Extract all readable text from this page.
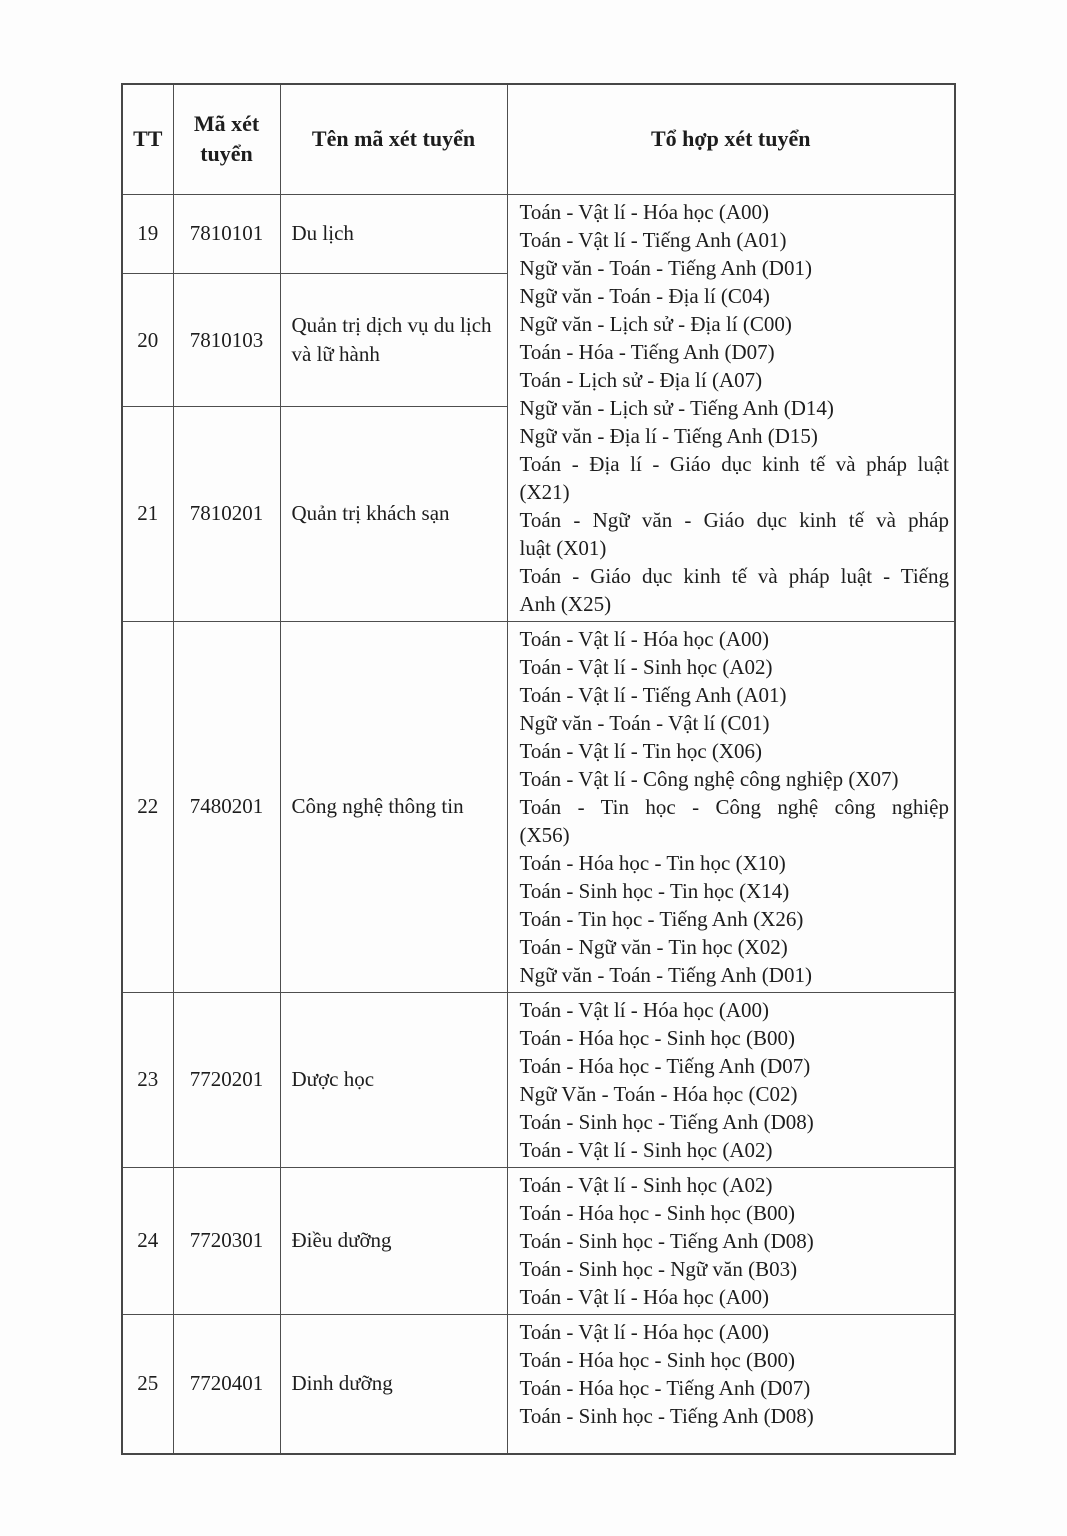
TT	Mã xét tuyển	Tên mã xét tuyển	Tổ hợp xét tuyển
19	7810101	Du lịch	
Toán - Vật lí - Hóa học (A00)
Toán - Vật lí - Tiếng Anh (A01)
Ngữ văn - Toán - Tiếng Anh (D01)
Ngữ văn - Toán - Địa lí (C04)
Ngữ văn - Lịch sử - Địa lí (C00)
Toán - Hóa - Tiếng Anh (D07)
Toán - Lịch sử - Địa lí (A07)
Ngữ văn - Lịch sử - Tiếng Anh (D14)
Ngữ văn - Địa lí - Tiếng Anh (D15)
Toán - Địa lí - Giáo dục kinh tế và pháp luật
(X21)
Toán - Ngữ văn - Giáo dục kinh tế và pháp
luật (X01)
Toán - Giáo dục kinh tế và pháp luật - Tiếng
Anh (X25)

20	7810103	Quản trị dịch vụ du lịch và lữ hành	
21	7810201	Quản trị khách sạn	
22	7480201	Công nghệ thông tin	
Toán - Vật lí - Hóa học (A00)
Toán - Vật lí - Sinh học (A02)
Toán - Vật lí - Tiếng Anh (A01)
Ngữ văn - Toán - Vật lí (C01)
Toán - Vật lí - Tin học (X06)
Toán - Vật lí - Công nghệ công nghiệp (X07)
Toán - Tin học - Công nghệ công nghiệp
(X56)
Toán - Hóa học - Tin học (X10)
Toán - Sinh học - Tin học (X14)
Toán - Tin học - Tiếng Anh (X26)
Toán - Ngữ văn - Tin học (X02)
Ngữ văn - Toán - Tiếng Anh (D01)

23	7720201	Dược học	
Toán - Vật lí - Hóa học (A00)
Toán - Hóa học - Sinh học (B00)
Toán - Hóa học - Tiếng Anh (D07)
Ngữ Văn - Toán - Hóa học (C02)
Toán - Sinh học - Tiếng Anh (D08)
Toán - Vật lí - Sinh học (A02)

24	7720301	Điều dưỡng	Toán - Vật lí - Sinh học (A02)
Toán - Hóa học - Sinh học (B00)
Toán - Sinh học - Tiếng Anh (D08)
Toán - Sinh học - Ngữ văn (B03)
Toán - Vật lí - Hóa học (A00)

25	7720401	Dinh dưỡng	Toán - Vật lí - Hóa học (A00)
Toán - Hóa học - Sinh học (B00)
Toán - Hóa học - Tiếng Anh (D07)
Toán - Sinh học - Tiếng Anh (D08)
